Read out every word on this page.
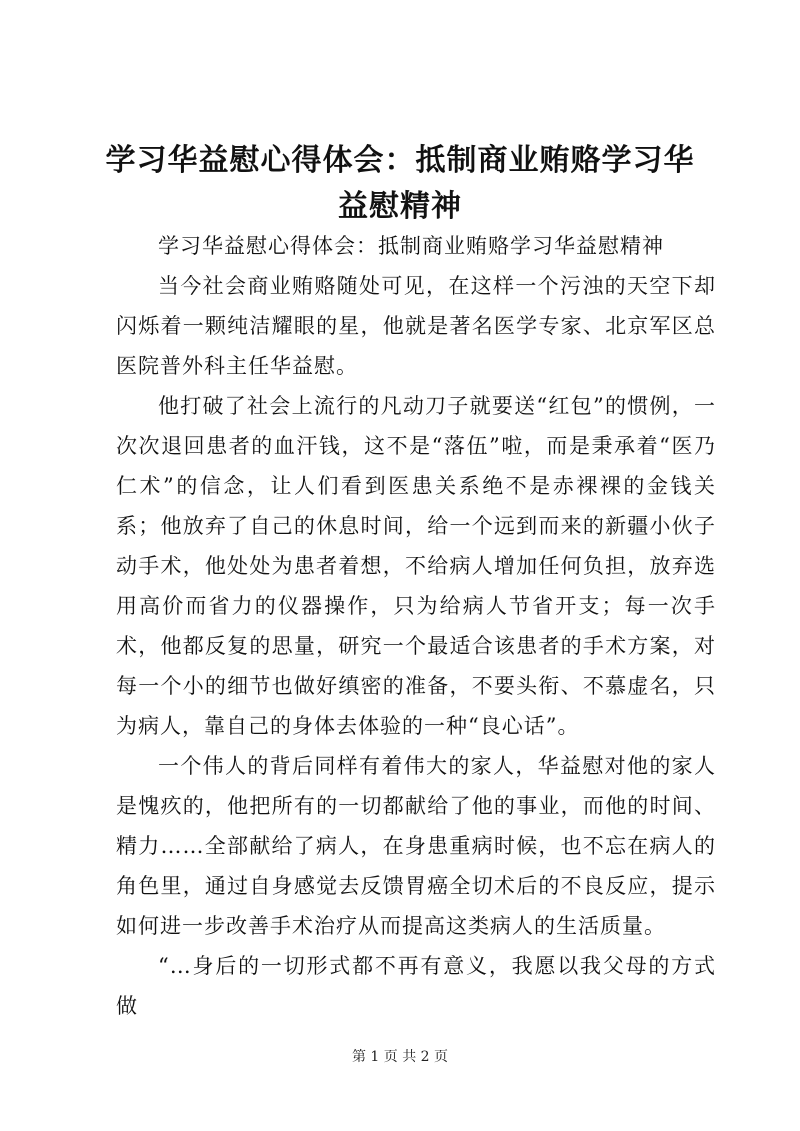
学习华益慰心得体会：抵制商业贿赂学习华益慰精神

学习华益慰心得体会：抵制商业贿赂学习华益慰精神

当今社会商业贿赂随处可见，在这样一个污浊的天空下却闪烁着一颗纯洁耀眼的星，他就是著名医学专家、北京军区总医院普外科主任华益慰。

他打破了社会上流行的凡动刀子就要送“红包”的惯例，一次次退回患者的血汗钱，这不是“落伍”啦，而是秉承着“医乃仁术”的信念，让人们看到医患关系绝不是赤裸裸的金钱关系；他放弃了自己的休息时间，给一个远到而来的新疆小伙子动手术，他处处为患者着想，不给病人增加任何负担，放弃选用高价而省力的仪器操作，只为给病人节省开支；每一次手术，他都反复的思量，研究一个最适合该患者的手术方案，对每一个小的细节也做好缜密的准备，不要头衔、不慕虚名，只为病人，靠自己的身体去体验的一种“良心话”。

一个伟人的背后同样有着伟大的家人，华益慰对他的家人是愧疚的，他把所有的一切都献给了他的事业，而他的时间、精力……全部献给了病人，在身患重病时候，也不忘在病人的角色里，通过自身感觉去反馈胃癌全切术后的不良反应，提示如何进一步改善手术治疗从而提高这类病人的生活质量。

“…身后的一切形式都不再有意义，我愿以我父母的方式做

第 1 页 共 2 页
